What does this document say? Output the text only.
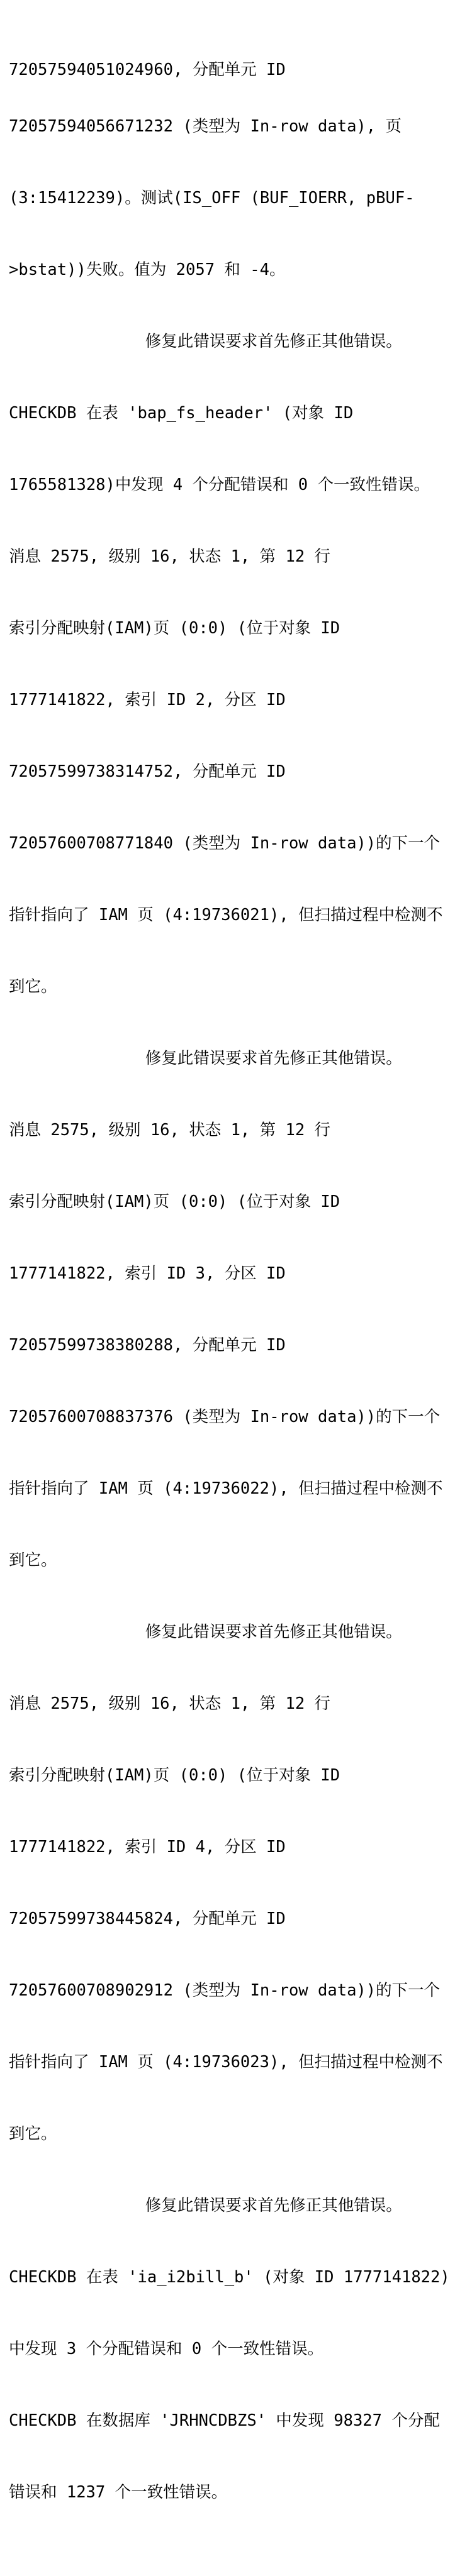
72057594051024960, 分配单元 ID

72057594056671232 (类型为 In-row data), 页

(3:15412239)。测试(IS_OFF (BUF_IOERR, pBUF-

>bstat))失败。值为 2057 和 -4。

修复此错误要求首先修正其他错误。

CHECKDB 在表 'bap_fs_header' (对象 ID

1765581328)中发现 4 个分配错误和 0 个一致性错误。

消息 2575, 级别 16, 状态 1, 第 12 行

索引分配映射(IAM)页 (0:0) (位于对象 ID

1777141822, 索引 ID 2, 分区 ID

72057599738314752, 分配单元 ID

72057600708771840 (类型为 In-row data))的下一个

指针指向了 IAM 页 (4:19736021), 但扫描过程中检测不

到它。

修复此错误要求首先修正其他错误。

消息 2575, 级别 16, 状态 1, 第 12 行

索引分配映射(IAM)页 (0:0) (位于对象 ID

1777141822, 索引 ID 3, 分区 ID

72057599738380288, 分配单元 ID

72057600708837376 (类型为 In-row data))的下一个

指针指向了 IAM 页 (4:19736022), 但扫描过程中检测不

到它。

修复此错误要求首先修正其他错误。

消息 2575, 级别 16, 状态 1, 第 12 行

索引分配映射(IAM)页 (0:0) (位于对象 ID

1777141822, 索引 ID 4, 分区 ID

72057599738445824, 分配单元 ID

72057600708902912 (类型为 In-row data))的下一个

指针指向了 IAM 页 (4:19736023), 但扫描过程中检测不

到它。

修复此错误要求首先修正其他错误。

CHECKDB 在表 'ia_i2bill_b' (对象 ID 1777141822)

中发现 3 个分配错误和 0 个一致性错误。

CHECKDB 在数据库 'JRHNCDBZS' 中发现 98327 个分配

错误和 1237 个一致性错误。
